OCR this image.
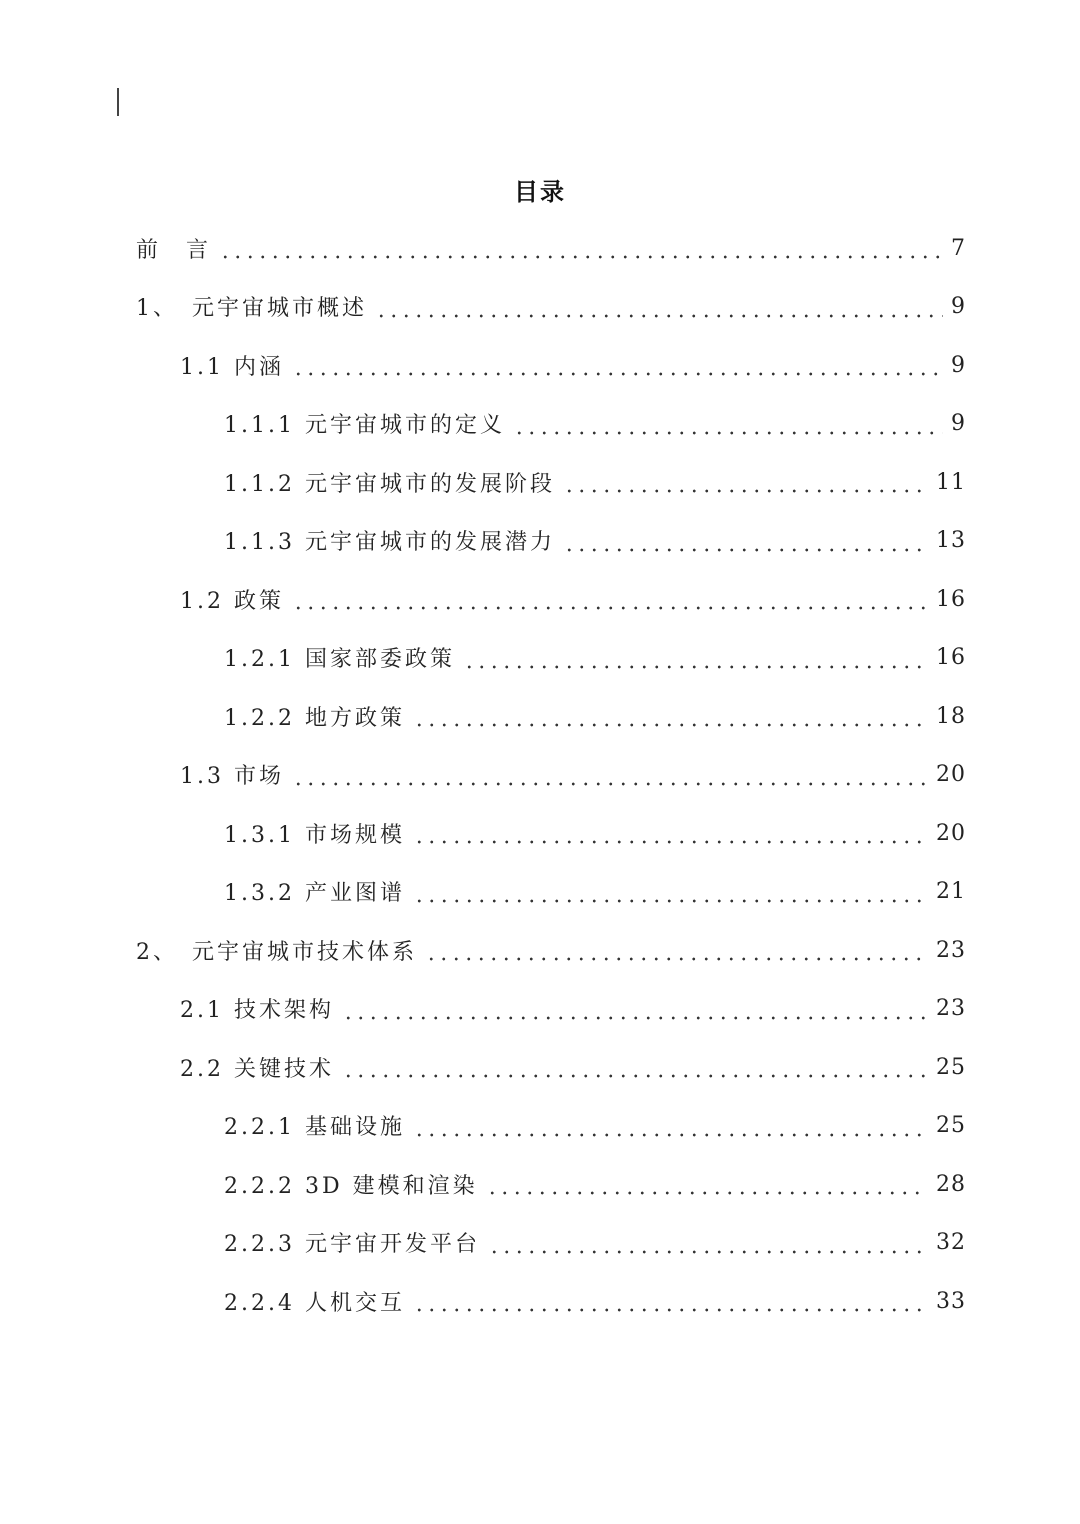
目录
前　言	7
1、　元宇宙城市概述	9
1.1 内涵	9
1.1.1 元宇宙城市的定义	9
1.1.2 元宇宙城市的发展阶段	11
1.1.3 元宇宙城市的发展潜力	13
1.2 政策	16
1.2.1 国家部委政策	16
1.2.2 地方政策	18
1.3 市场	20
1.3.1 市场规模	20
1.3.2 产业图谱	21
2、　元宇宙城市技术体系	23
2.1 技术架构	23
2.2 关键技术	25
2.2.1 基础设施	25
2.2.2 3D 建模和渲染	28
2.2.3 元宇宙开发平台	32
2.2.4 人机交互	33
